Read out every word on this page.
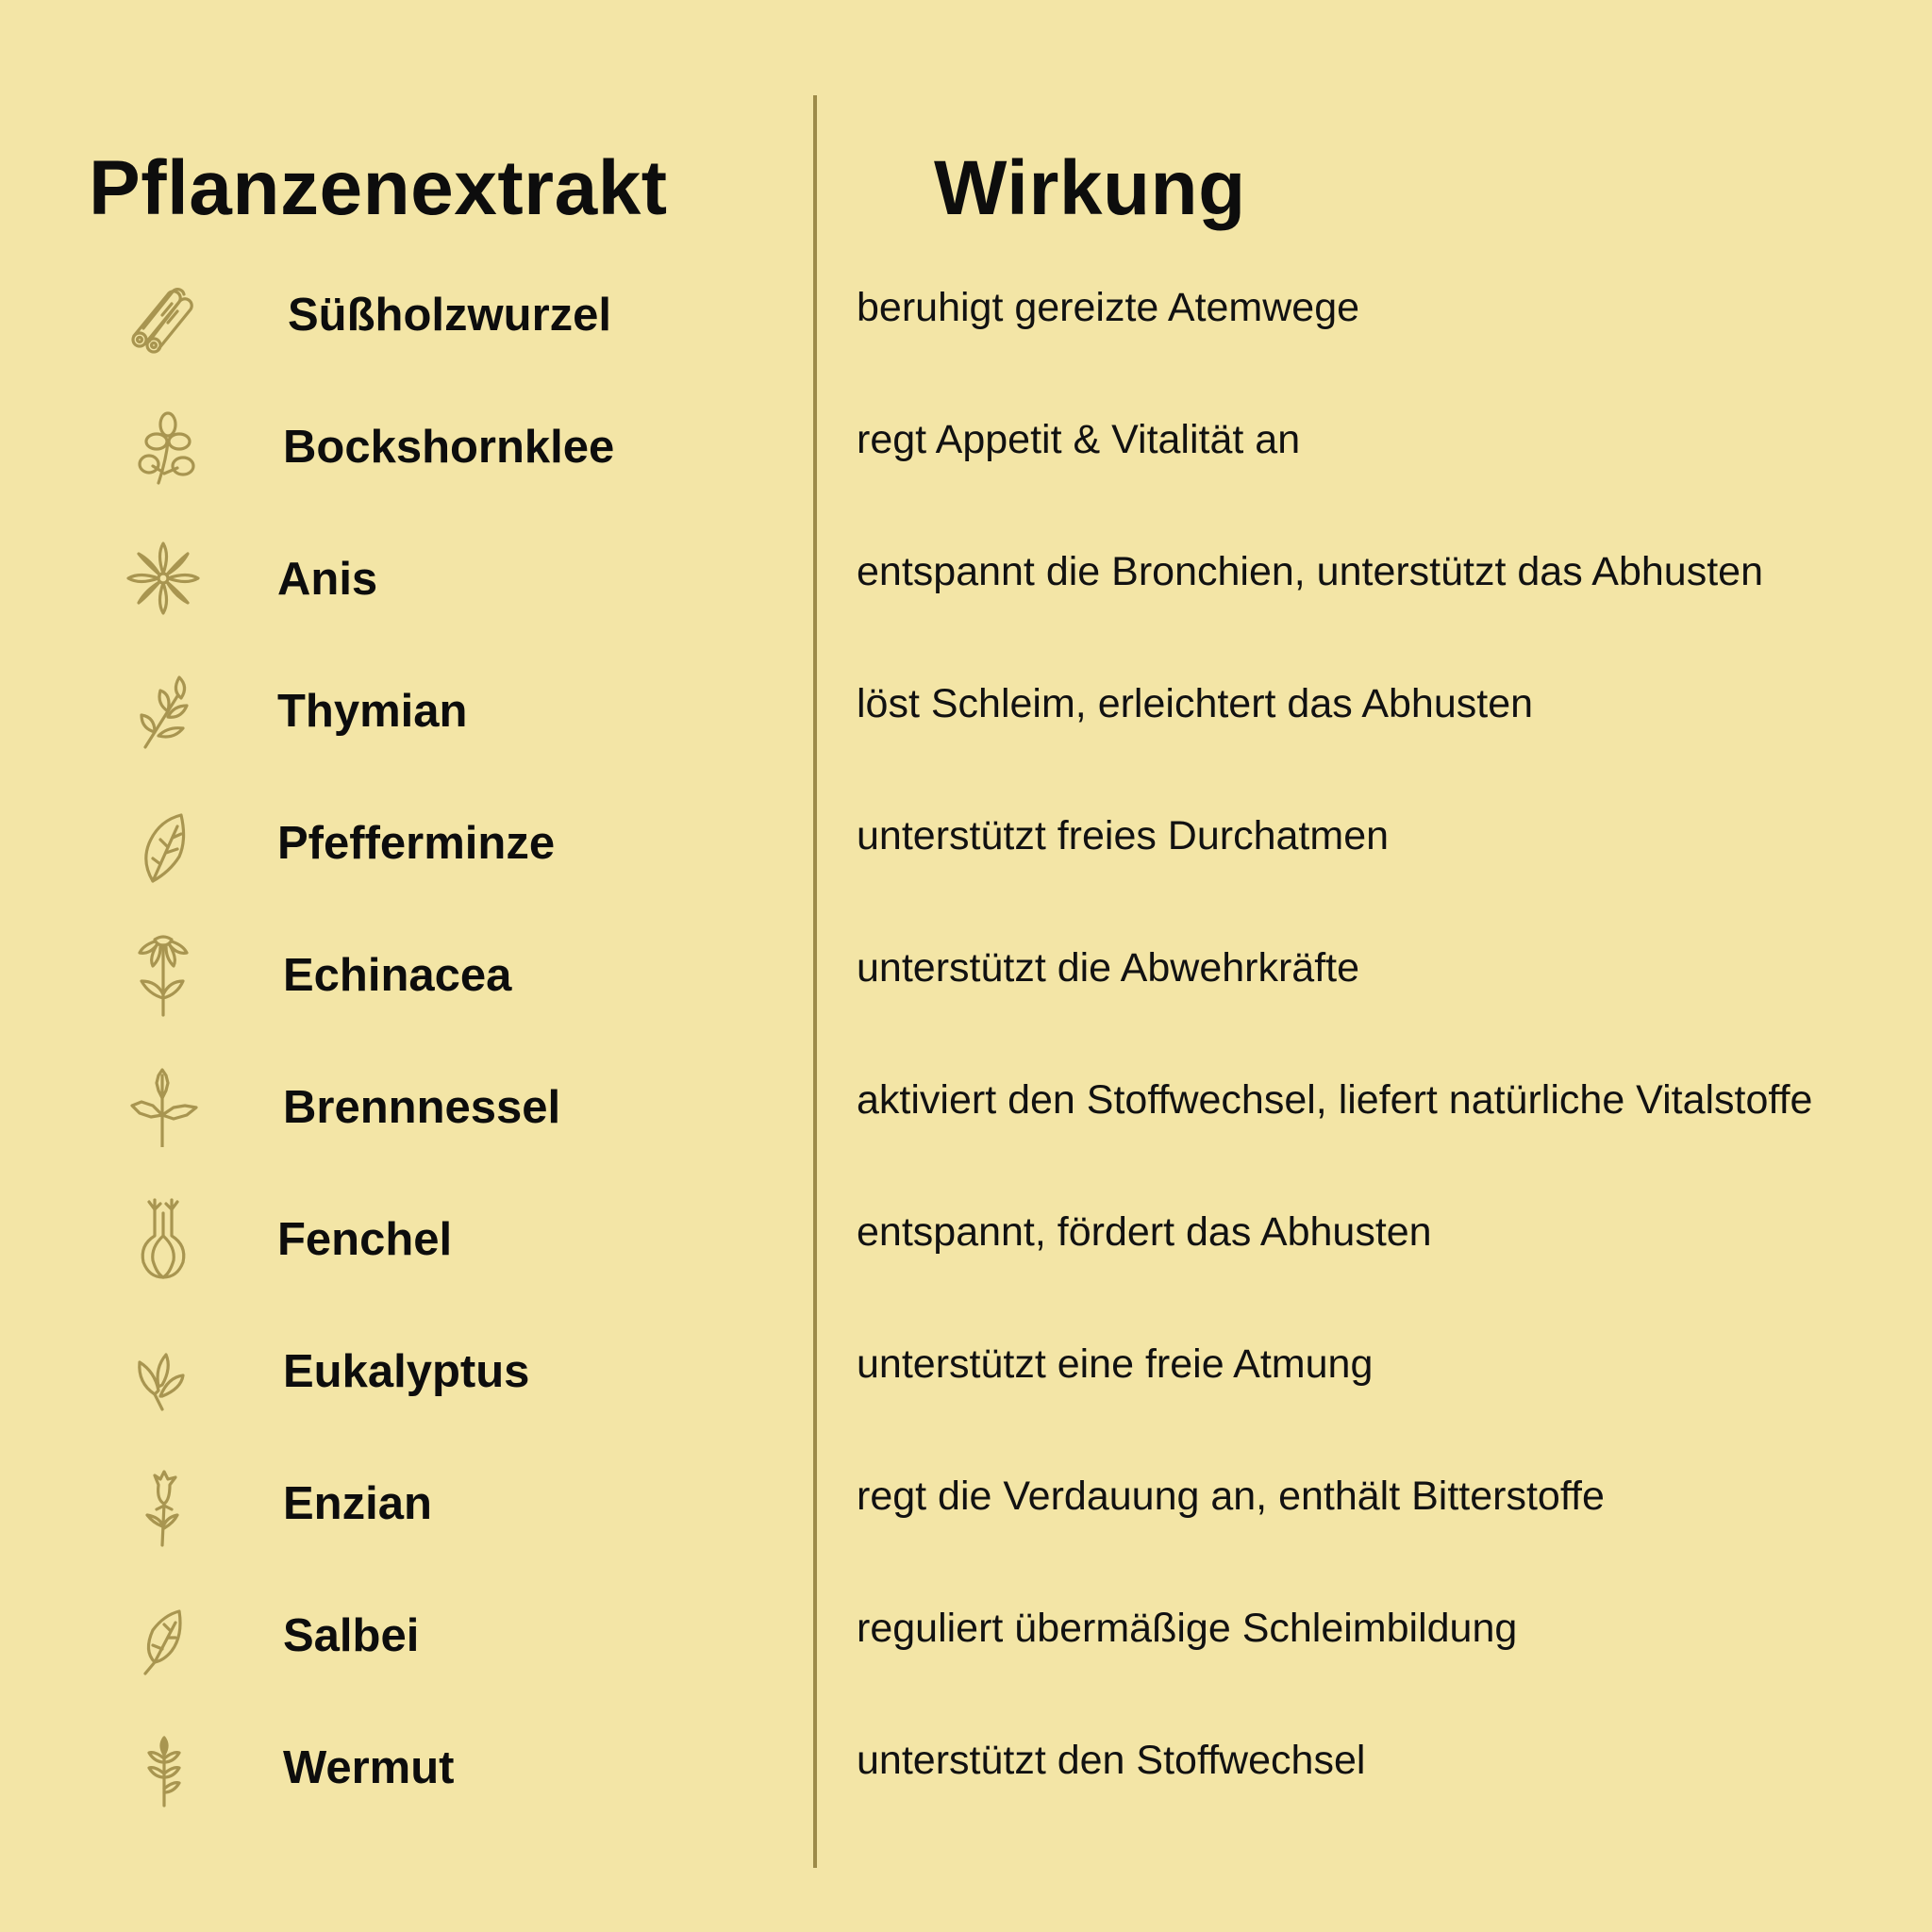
Pflanzenextrakt	Wirkung
Süßholzwurzel	beruhigt gereizte Atemwege
Bockshornklee	regt Appetit & Vitalität an
Anis	entspannt die Bronchien, unterstützt das Abhusten
Thymian	löst Schleim, erleichtert das Abhusten
Pfefferminze	unterstützt freies Durchatmen
Echinacea	unterstützt die Abwehrkräfte
Brennnessel	aktiviert den Stoffwechsel, liefert natürliche Vitalstoffe
Fenchel	entspannt, fördert das Abhusten
Eukalyptus	unterstützt eine freie Atmung
Enzian	regt die Verdauung an, enthält Bitterstoffe
Salbei	reguliert übermäßige Schleimbildung
Wermut	unterstützt den Stoffwechsel
